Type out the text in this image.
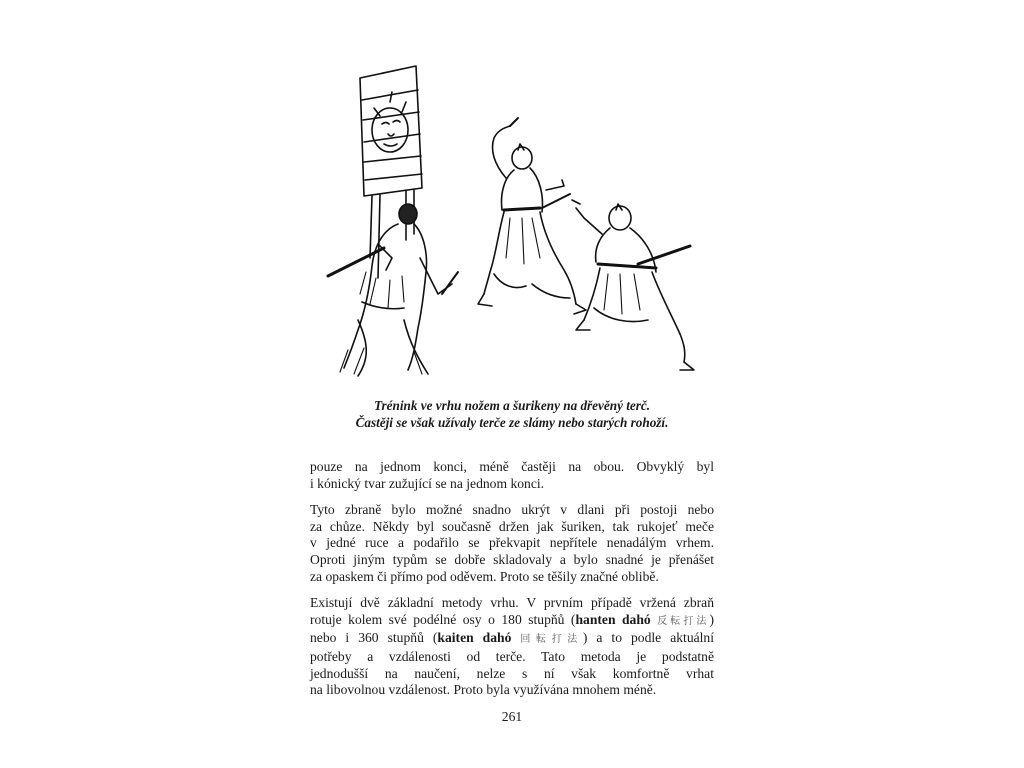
Trénink ve vrhu nožem a šurikeny na dřevěný terč.
Častěji se však užívaly terče ze slámy nebo starých rohoží.

pouze na jednom konci, méně častěji na obou. Obvyklý byl
i kónický tvar zužující se na jednom konci.

Tyto zbraně bylo možné snadno ukrýt v dlani při postoji nebo
za chůze. Někdy byl současně držen jak šuriken, tak rukojeť meče
v jedné ruce a podařilo se překvapit nepřítele nenadálým vrhem.
Oproti jiným typům se dobře skladovaly a bylo snadné je přenášet
za opaskem či přímo pod oděvem. Proto se těšily značné oblibě.

Existují dvě základní metody vrhu. V prvním případě vržená zbraň
rotuje kolem své podélné osy o 180 stupňů (hanten dahó 反転打法)
nebo i 360 stupňů (kaiten dahó 回転打法) a to podle aktuální
potřeby a vzdálenosti od terče. Tato metoda je podstatně
jednodušší na naučení, nelze s ní však komfortně vrhat
na libovolnou vzdálenost. Proto byla využívána mnohem méně.

261
